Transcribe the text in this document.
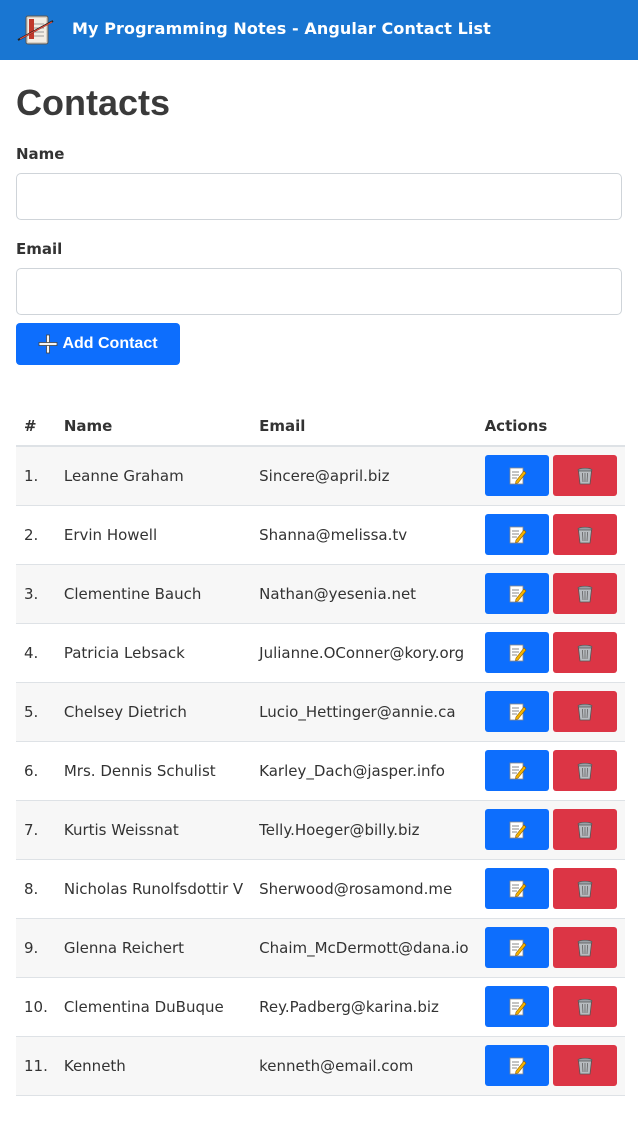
My Programming Notes - Angular Contact List
Contacts
Name
Email
Add Contact
#	Name	Email	Actions
1.	Leanne Graham	Sincere@april.biz	

2.	Ervin Howell	Shanna@melissa.tv	

3.	Clementine Bauch	Nathan@yesenia.net	

4.	Patricia Lebsack	Julianne.OConner@kory.org	

5.	Chelsey Dietrich	Lucio_Hettinger@annie.ca	

6.	Mrs. Dennis Schulist	Karley_Dach@jasper.info	

7.	Kurtis Weissnat	Telly.Hoeger@billy.biz	

8.	Nicholas Runolfsdottir V	Sherwood@rosamond.me	

9.	Glenna Reichert	Chaim_McDermott@dana.io	

10.	Clementina DuBuque	Rey.Padberg@karina.biz	

11.	Kenneth	kenneth@email.com	
